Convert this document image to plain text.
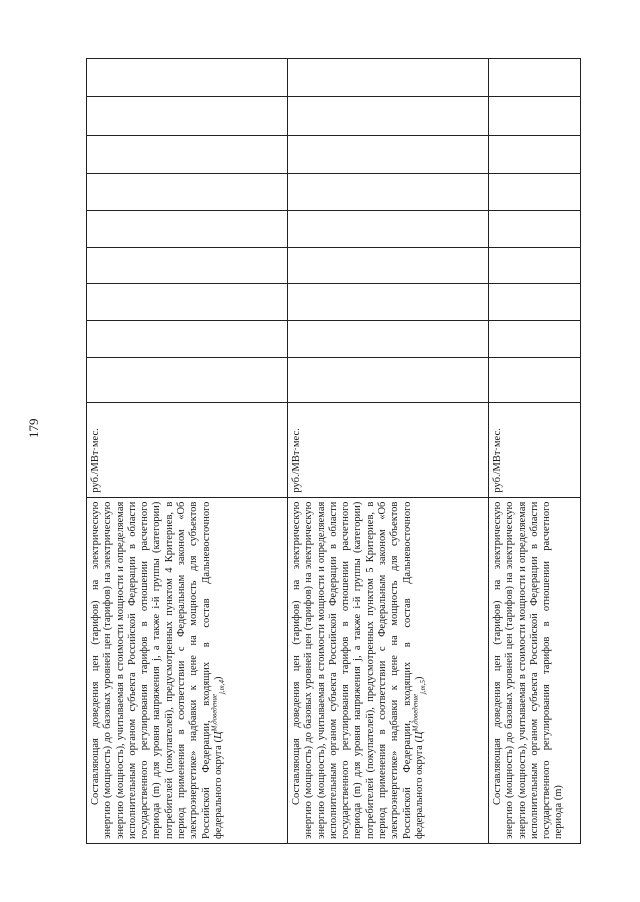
179

Составляющая доведения цен (тарифов) на электрическую энергию (мощность) до базовых уровней цен (тарифов) на электрическую энергию (мощность), учитываемая в стоимости мощности и определяемая исполнительным органом субъекта Российской Федерации в области государственного регулирования тарифов в отношении расчетного периода (m) для уровня напряжения j, а также i-й группы (категории) потребителей (покупателей), предусмотренных пунктом 4 Критериев, в период применения в соответствии с Федеральным законом «Об электроэнергетике» надбавки к цене на мощность для субъектов Российской Федерации, входящих в состав Дальневосточного федерального округа $(Ц^{M,доведение}_{j,m,4})$	руб./МВт·мес.									

Составляющая доведения цен (тарифов) на электрическую энергию (мощность) до базовых уровней цен (тарифов) на электрическую энергию (мощность), учитываемая в стоимости мощности и определяемая исполнительным органом субъекта Российской Федерации в области государственного регулирования тарифов в отношении расчетного периода (m) для уровня напряжения j, а также i-й группы (категории) потребителей (покупателей), предусмотренных пунктом 5 Критериев, в период применения в соответствии с Федеральным законом «Об электроэнергетике» надбавки к цене на мощность для субъектов Российской Федерации, входящих в состав Дальневосточного федерального округа $(Ц^{M,доведение}_{j,m,5})$	руб./МВт·мес.									

Составляющая доведения цен (тарифов) на электрическую энергию (мощность) до базовых уровней цен (тарифов) на электрическую энергию (мощность), учитываемая в стоимости мощности и определяемая исполнительным органом субъекта Российской Федерации в области государственного регулирования тарифов в отношении расчетного периода (m)	руб./МВт·мес.									
